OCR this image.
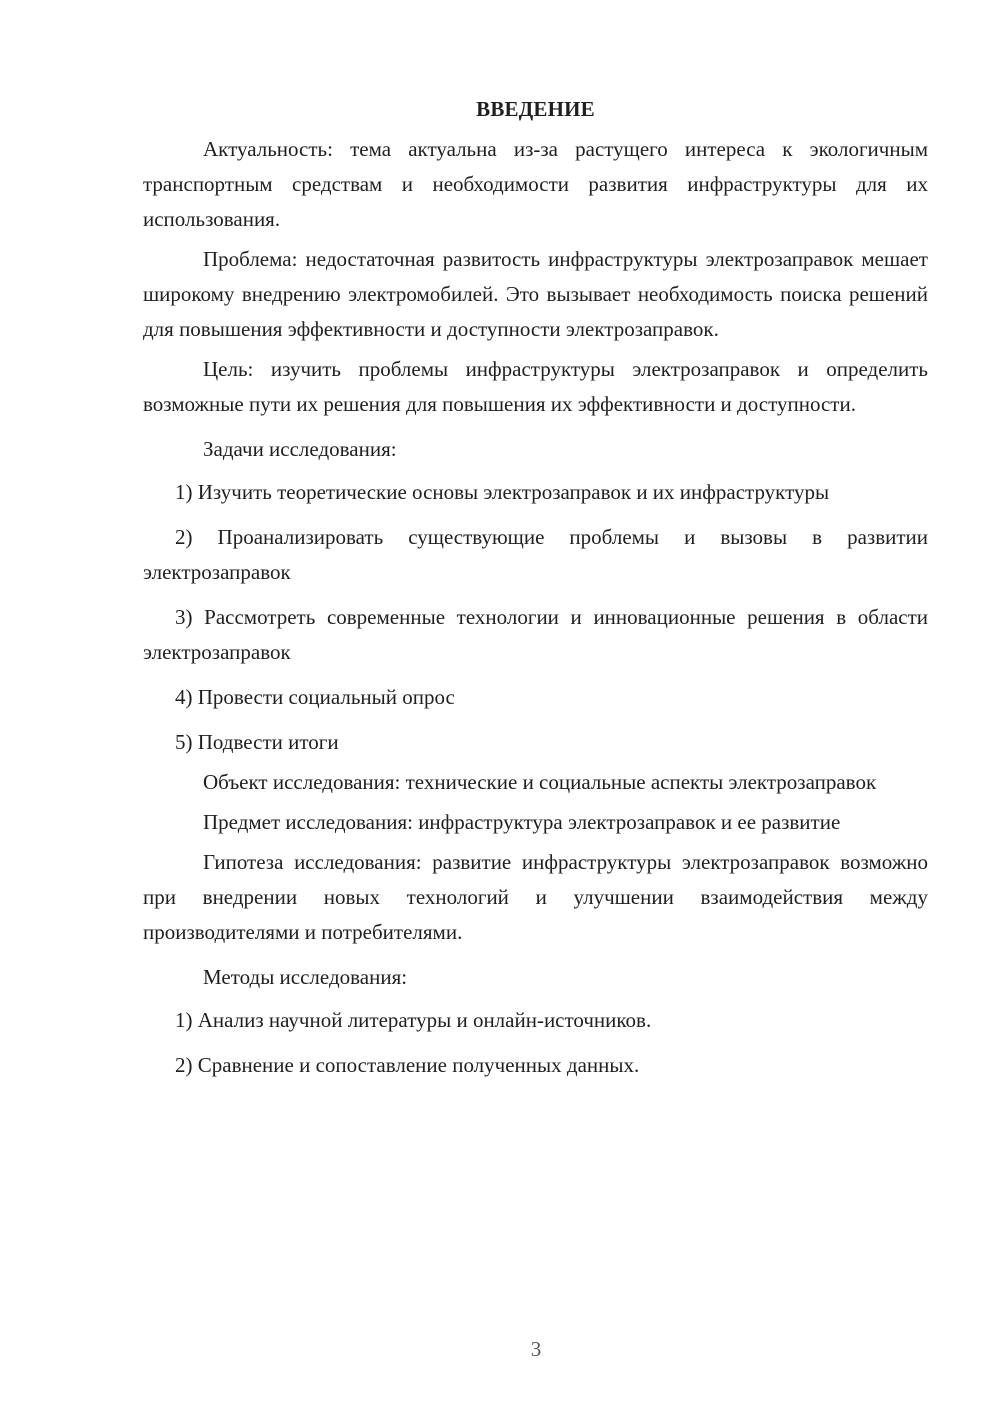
ВВЕДЕНИЕ

Актуальность: тема актуальна из-за растущего интереса к экологичным транспортным средствам и необходимости развития инфраструктуры для их использования.

Проблема: недостаточная развитость инфраструктуры электрозаправок мешает широкому внедрению электромобилей. Это вызывает необходимость поиска решений для повышения эффективности и доступности электрозаправок.

Цель: изучить проблемы инфраструктуры электрозаправок и определить возможные пути их решения для повышения их эффективности и доступности.

Задачи исследования:

1) Изучить теоретические основы электрозаправок и их инфраструктуры

2) Проанализировать существующие проблемы и вызовы в развитии электрозаправок

3) Рассмотреть современные технологии и инновационные решения в области электрозаправок

4) Провести социальный опрос

5) Подвести итоги

Объект исследования: технические и социальные аспекты электрозаправок

Предмет исследования: инфраструктура электрозаправок и ее развитие

Гипотеза исследования: развитие инфраструктуры электрозаправок возможно при внедрении новых технологий и улучшении взаимодействия между производителями и потребителями.

Методы исследования:

1) Анализ научной литературы и онлайн-источников.

2) Сравнение и сопоставление полученных данных.

3
